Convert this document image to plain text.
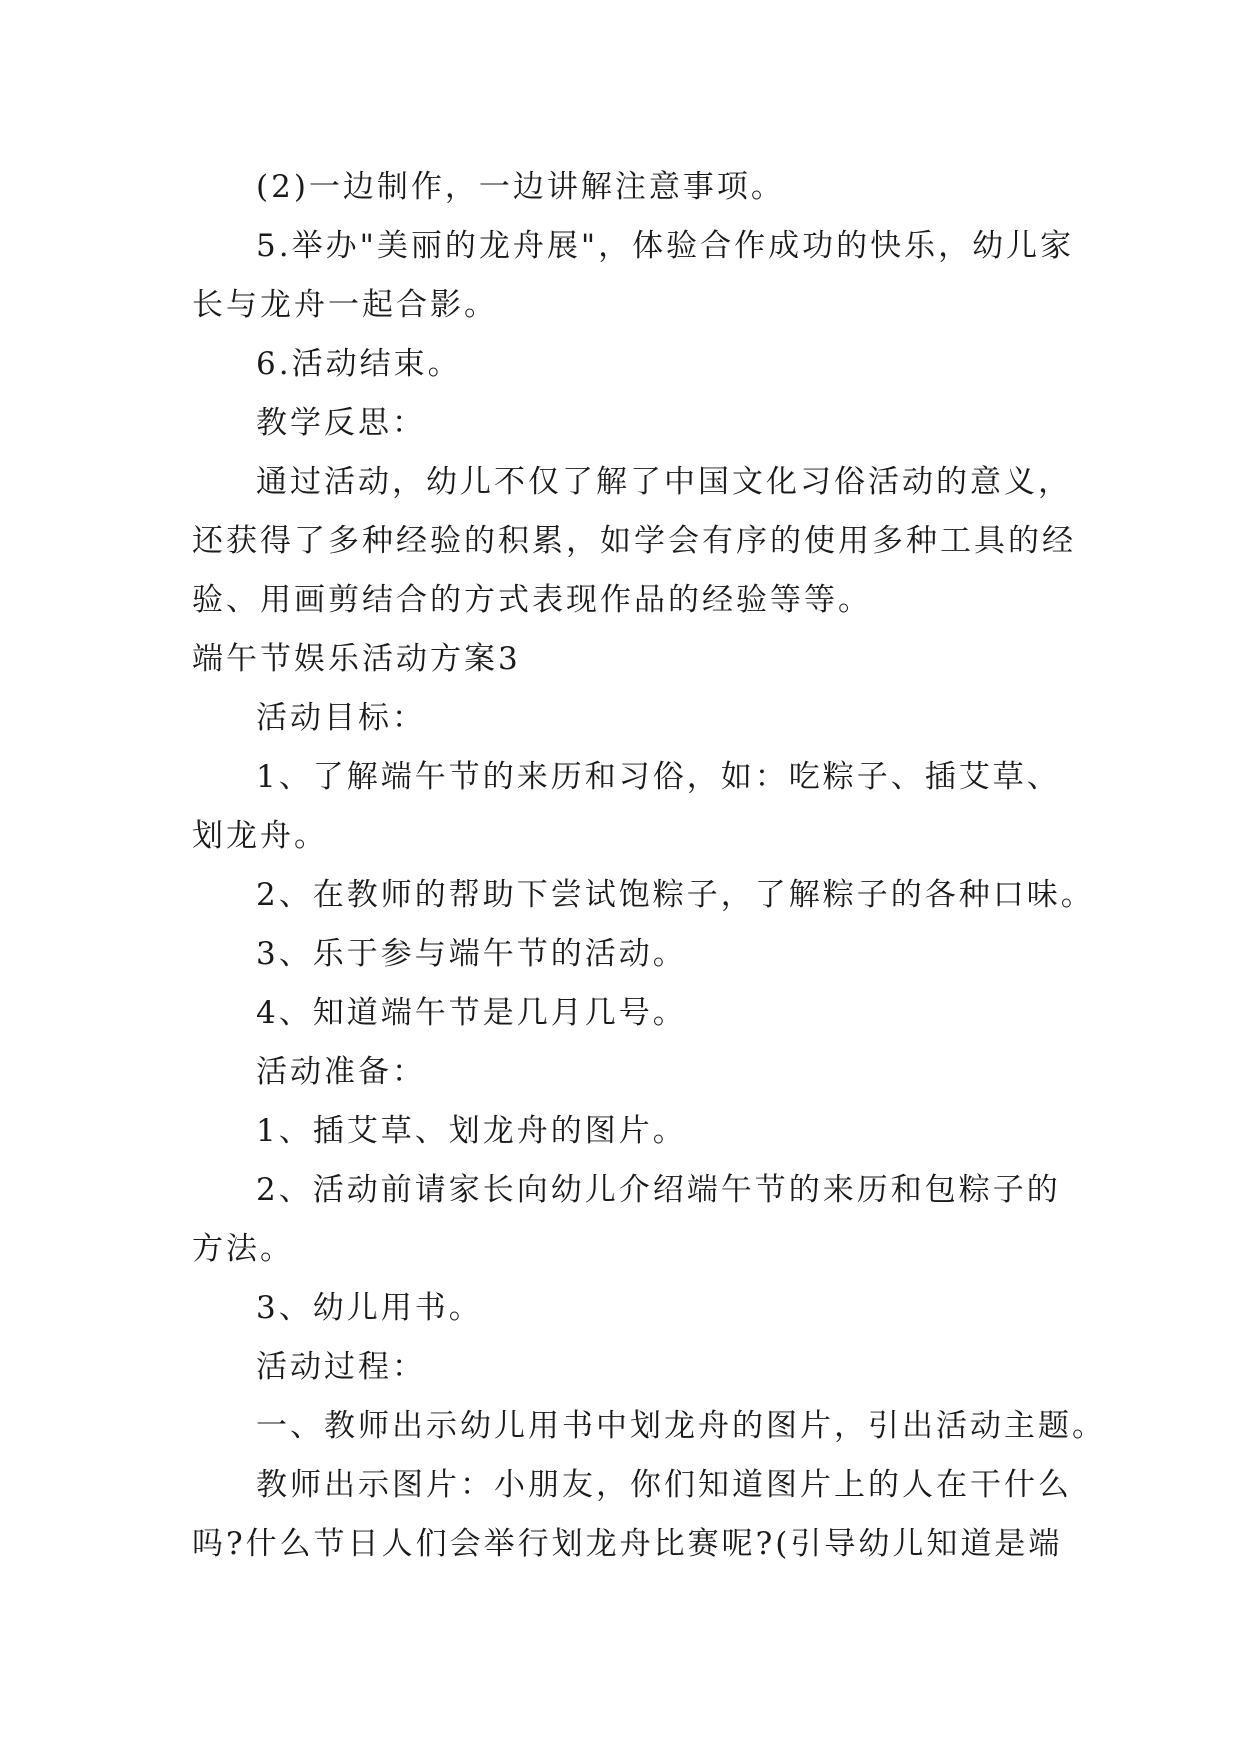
(2)一边制作，一边讲解注意事项。

5.举办"美丽的龙舟展"，体验合作成功的快乐，幼儿家

长与龙舟一起合影。

6.活动结束。

教学反思：

通过活动，幼儿不仅了解了中国文化习俗活动的意义，

还获得了多种经验的积累，如学会有序的使用多种工具的经

验、用画剪结合的方式表现作品的经验等等。

端午节娱乐活动方案3

活动目标：

1、了解端午节的来历和习俗，如：吃粽子、插艾草、

划龙舟。

2、在教师的帮助下尝试饱粽子，了解粽子的各种口味。

3、乐于参与端午节的活动。

4、知道端午节是几月几号。

活动准备：

1、插艾草、划龙舟的图片。

2、活动前请家长向幼儿介绍端午节的来历和包粽子的

方法。

3、幼儿用书。

活动过程：

一、教师出示幼儿用书中划龙舟的图片，引出活动主题。

教师出示图片：小朋友，你们知道图片上的人在干什么

吗?什么节日人们会举行划龙舟比赛呢?(引导幼儿知道是端
